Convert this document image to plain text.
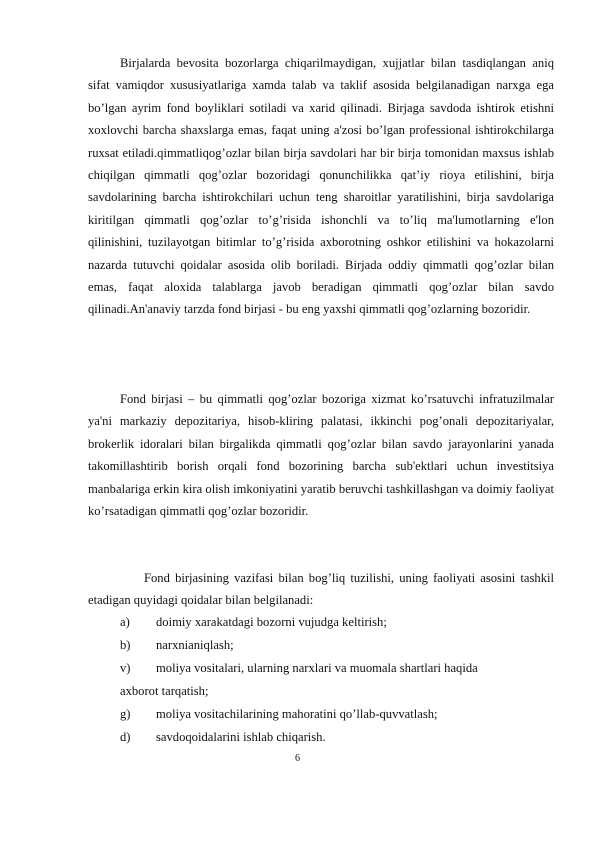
Birjalarda bevosita bozorlarga chiqarilmaydigan, xujjatlar bilan tasdiqlangan aniq sifat vamiqdor xususiyatlariga xamda talab va taklif asosida belgilanadigan narxga ega bo’lgan ayrim fond boyliklari sotiladi va xarid qilinadi. Birjaga savdoda ishtirok etishni xoxlovchi barcha shaxslarga emas, faqat uning a'zosi bo’lgan professional ishtirokchilarga ruxsat etiladi.qimmatliqog’ozlar bilan birja savdolari har bir birja tomonidan maxsus ishlab chiqilgan qimmatli qog’ozlar bozoridagi qonunchilikka qat’iy rioya etilishini, birja savdolarining barcha ishtirokchilari uchun teng sharoitlar yaratilishini, birja savdolariga kiritilgan qimmatli qog’ozlar to’g’risida ishonchli va to’liq ma'lumotlarning e'lon qilinishini, tuzilayotgan bitimlar to’g’risida axborotning oshkor etilishini va hokazolarni nazarda tutuvchi qoidalar asosida olib boriladi. Birjada oddiy qimmatli qog’ozlar bilan emas, faqat aloxida talablarga javob beradigan qimmatli qog’ozlar bilan savdo qilinadi.An'anaviy tarzda fond birjasi - bu eng yaxshi qimmatli qog’ozlarning bozoridir.

Fond birjasi – bu qimmatli qog’ozlar bozoriga xizmat ko’rsatuvchi infratuzilmalar ya'ni markaziy depozitariya, hisob-kliring palatasi, ikkinchi pog’onali depozitariyalar, brokerlik idoralari bilan birgalikda qimmatli qog’ozlar bilan savdo jarayonlarini yanada takomillashtirib borish orqali fond bozorining barcha sub'ektlari uchun investitsiya manbalariga erkin kira olish imkoniyatini yaratib beruvchi tashkillashgan va doimiy faoliyat ko’rsatadigan qimmatli qog’ozlar bozoridir.

Fond birjasining vazifasi bilan bog’liq tuzilishi, uning faoliyati asosini tashkil etadigan quyidagi qoidalar bilan belgilanadi:

a) doimiy xarakatdagi bozorni vujudga keltirish;
b) narxnianiqlash;
v) moliya vositalari, ularning narxlari va muomala shartlari haqida
axborot tarqatish;
g) moliya vositachilarining mahoratini qo’llab-quvvatlash;
d) savdoqoidalarini ishlab chiqarish.
6
